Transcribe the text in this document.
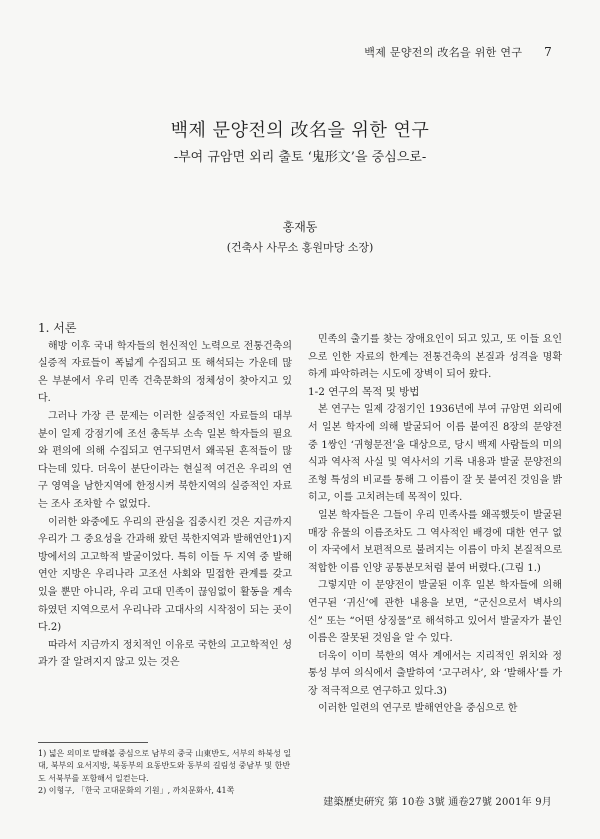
백제 문양전의 改名을 위한 연구 7
백제 문양전의 改名을 위한 연구
-부여 규암면 외리 출토 ‘鬼形文’을 중심으로-
홍재동
(건축사 사무소 홍원마당 소장)

1. 서론

해방 이후 국내 학자들의 헌신적인 노력으로 전통건축의 실증적 자료들이 폭넓게 수집되고 또 해석되는 가운데 많은 부분에서 우리 민족 건축문화의 정체성이 찾아지고 있다.

그러나 가장 큰 문제는 이러한 실증적인 자료들의 대부분이 일제 강점기에 조선 총독부 소속 일본 학자들의 필요와 편의에 의해 수집되고 연구되면서 왜곡된 흔적들이 많다는데 있다. 더욱이 분단이라는 현실적 여건은 우리의 연구 영역을 남한지역에 한정시켜 북한지역의 실증적인 자료는 조사 조차할 수 없었다.

이러한 와중에도 우리의 관심을 집중시킨 것은 지금까지 우리가 그 중요성을 간과해 왔던 북한지역과 발해연안1)지방에서의 고고학적 발굴이었다. 특히 이들 두 지역 중 발해연안 지방은 우리나라 고조선 사회와 밀접한 관계를 갖고 있을 뿐만 아니라, 우리 고대 민족이 끊임없이 활동을 계속하였던 지역으로서 우리나라 고대사의 시작점이 되는 곳이다.2)

따라서 지금까지 정치적인 이유로 국한의 고고학적인 성과가 잘 알려지지 않고 있는 것은

민족의 출기를 찾는 장애요인이 되고 있고, 또 이들 요인으로 인한 자료의 한계는 전통건축의 본질과 성격을 명확하게 파악하려는 시도에 장벽이 되어 왔다.

1-2 연구의 목적 및 방법

본 연구는 일제 강점기인 1936년에 부여 규암면 외리에서 일본 학자에 의해 발굴되어 이름 붙여진 8장의 문양전 중 1쌍인 ‘귀형문전’을 대상으로, 당시 백제 사람들의 미의식과 역사적 사실 및 역사서의 기록 내용과 발굴 문양전의 조형 특성의 비교를 통해 그 이름이 잘 못 붙여진 것임을 밝히고, 이를 고치려는데 목적이 있다.

일본 학자들은 그들이 우리 민족사를 왜곡했듯이 발굴된 매장 유물의 이름조차도 그 역사적인 배경에 대한 연구 없이 자국에서 보편적으로 불려지는 이름이 마치 본질적으로 적합한 이름 인양 공통분모처럼 붙여 버렸다.(그림 1.)

그렇지만 이 문양전이 발굴된 이후 일본 학자들에 의해 연구된 ‘귀신’에 관한 내용을 보면, “군신으로서 벽사의 신” 또는 “어떤 상징물”로 해석하고 있어서 발굴자가 붙인 이름은 잘못된 것임을 알 수 있다.

더욱이 이미 북한의 역사 계에서는 지리적인 위치와 정통성 부여 의식에서 출발하여 ‘고구려사’, 와 ‘발해사’를 가장 적극적으로 연구하고 있다.3)

이러한 일련의 연구로 발해연안을 중심으로 한

1) 넓은 의미로 말해볼 중심으로 남부의 중국 山東반도, 서부의 하북성 일대, 북부의 요서지방, 북동부의 요동반도와 동부의 길림성 중남부 및 한반도 서북부를 포함해서 일컫는다.

2) 이형구, 「한국 고대문화의 기원」, 까치문화사, 41쪽

建築歷史硏究 第 10卷 3號 通卷27號 2001年 9月
